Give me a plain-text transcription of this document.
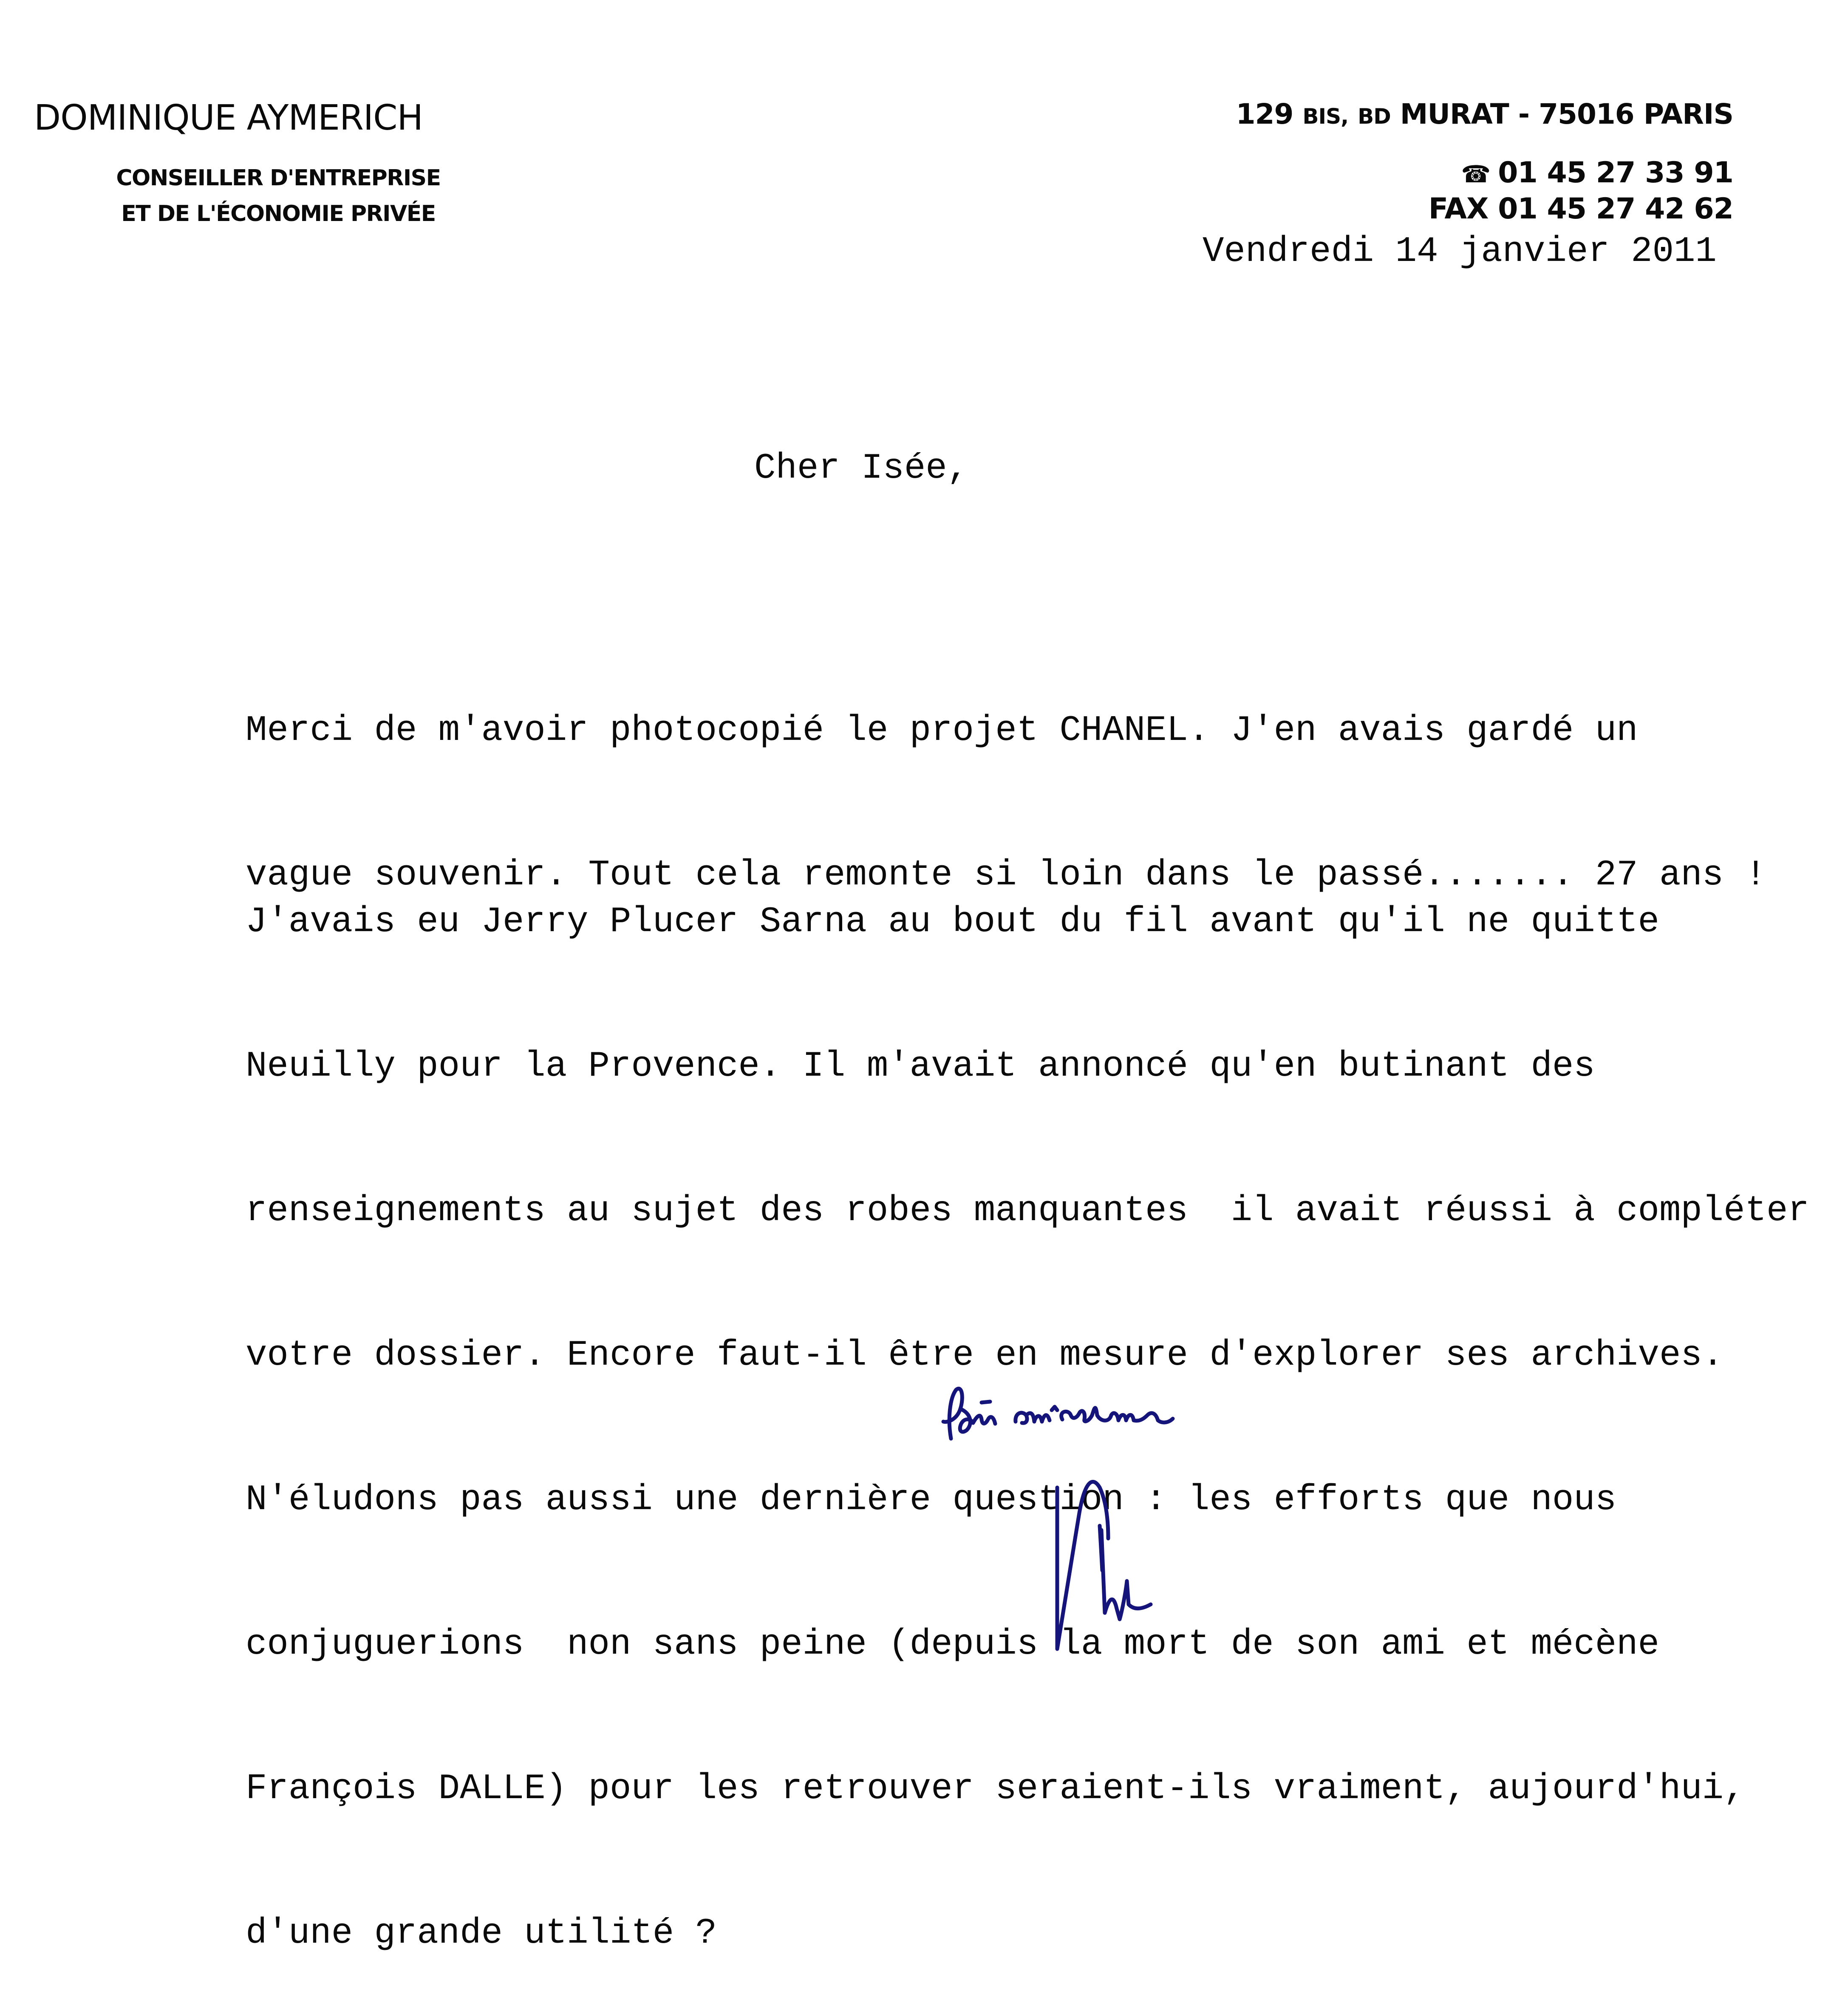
DOMINIQUE AYMERICH
CONSEILLER D'ENTREPRISE
ET DE L'ÉCONOMIE PRIVÉE
129 BIS, BD MURAT - 75016 PARIS
☎ 01 45 27 33 91
FAX 01 45 27 42 62
Vendredi 14 janvier 2011
Cher Isée,

Merci de m'avoir photocopié le projet CHANEL. J'en avais gardé un

vague souvenir. Tout cela remonte si loin dans le passé....... 27 ans !

J'avais eu Jerry Plucer Sarna au bout du fil avant qu'il ne quitte

Neuilly pour la Provence. Il m'avait annoncé qu'en butinant des

renseignements au sujet des robes manquantes  il avait réussi à compléter

votre dossier. Encore faut-il être en mesure d'explorer ses archives.

N'éludons pas aussi une dernière question : les efforts que nous

conjuguerions  non sans peine (depuis la mort de son ami et mécène

François DALLE) pour les retrouver seraient-ils vraiment, aujourd'hui,

d'une grande utilité ?
